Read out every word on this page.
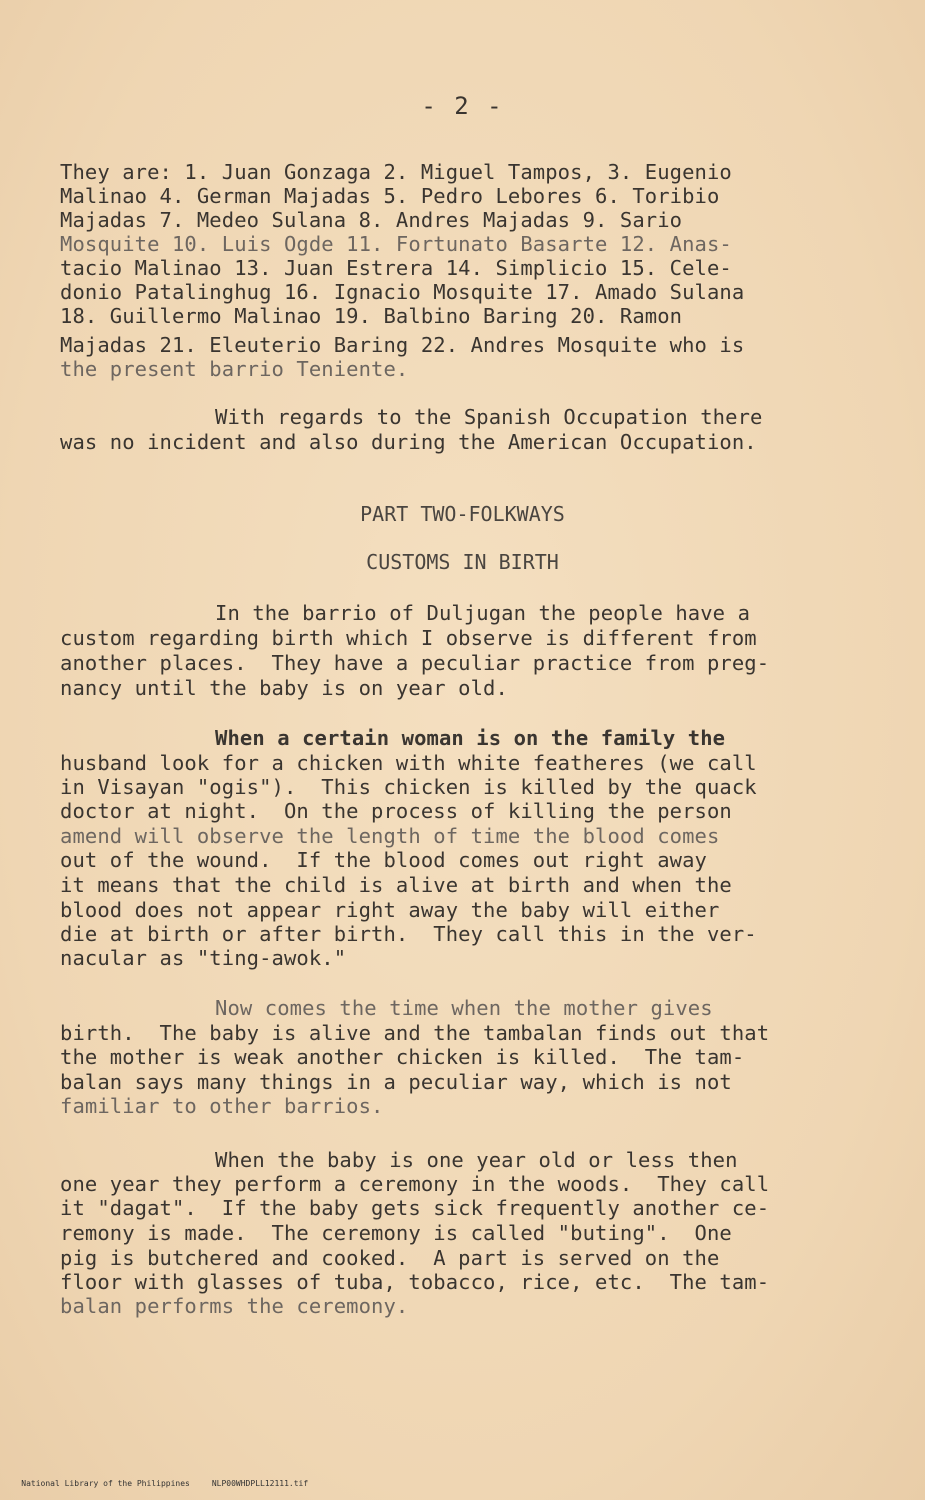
- 2 -
They are: 1. Juan Gonzaga 2. Miguel Tampos, 3. Eugenio
Malinao 4. German Majadas 5. Pedro Lebores 6. Toribio
Majadas 7. Medeo Sulana 8. Andres Majadas 9. Sario
Mosquite 10. Luis Ogde 11. Fortunato Basarte 12. Anas-
tacio Malinao 13. Juan Estrera 14. Simplicio 15. Cele-
donio Patalinghug 16. Ignacio Mosquite 17. Amado Sulana
18. Guillermo Malinao 19. Balbino Baring 20. Ramon
Majadas 21. Eleuterio Baring 22. Andres Mosquite who is
the present barrio Teniente.
With regards to the Spanish Occupation there
was no incident and also during the American Occupation.
PART TWO-FOLKWAYS
CUSTOMS IN BIRTH
In the barrio of Duljugan the people have a
custom regarding birth which I observe is different from
another places.  They have a peculiar practice from preg-
nancy until the baby is on year old.
When a certain woman is on the family the
husband look for a chicken with white featheres (we call
in Visayan "ogis").  This chicken is killed by the quack
doctor at night.  On the process of killing the person
amend will observe the length of time the blood comes
out of the wound.  If the blood comes out right away
it means that the child is alive at birth and when the
blood does not appear right away the baby will either
die at birth or after birth.  They call this in the ver-
nacular as "ting-awok."
Now comes the time when the mother gives
birth.  The baby is alive and the tambalan finds out that
the mother is weak another chicken is killed.  The tam-
balan says many things in a peculiar way, which is not
familiar to other barrios.
When the baby is one year old or less then
one year they perform a ceremony in the woods.  They call
it "dagat".  If the baby gets sick frequently another ce-
remony is made.  The ceremony is called "buting".  One
pig is butchered and cooked.  A part is served on the
floor with glasses of tuba, tobacco, rice, etc.  The tam-
balan performs the ceremony.

National Library of the Philippines	NLP00WHDPLL12111.tif
